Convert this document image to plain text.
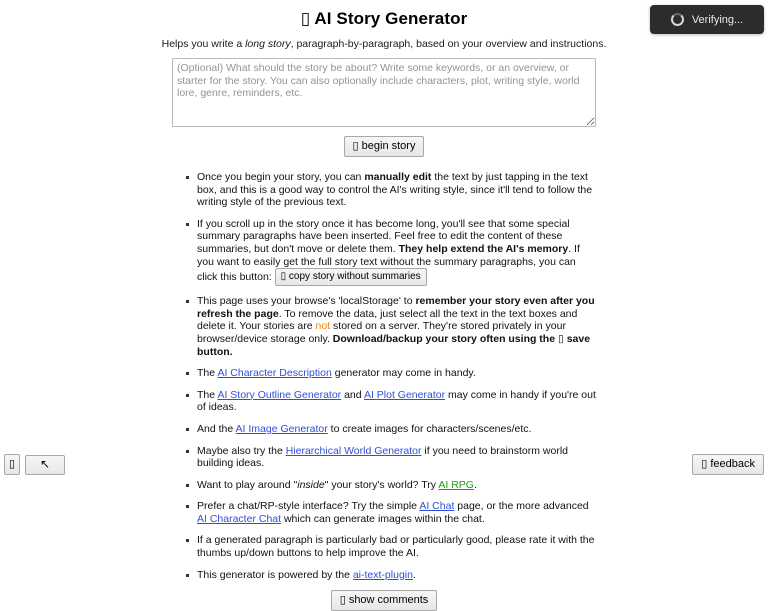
Verifying...
▯ AI Story Generator

Helps you write a long story, paragraph-by-paragraph, based on your overview and instructions.

(Optional) What should the story be about? Write some keywords, or an overview, or starter for the story. You can also optionally include characters, plot, writing style, world lore, genre, reminders, etc.
▯ begin story
Once you begin your story, you can manually edit the text by just tapping in the text box, and this is a good way to control the AI's writing style, since it'll tend to follow the writing style of the previous text.
If you scroll up in the story once it has become long, you'll see that some special summary paragraphs have been inserted. Feel free to edit the content of these summaries, but don't move or delete them. They help extend the AI's memory. If you want to easily get the full story text without the summary paragraphs, you can click this button: ▯ copy story without summaries
This page uses your browse's 'localStorage' to remember your story even after you refresh the page. To remove the data, just select all the text in the text boxes and delete it. Your stories are not stored on a server. They're stored privately in your browser/device storage only. Download/backup your story often using the ▯ save button.
The AI Character Description generator may come in handy.
The AI Story Outline Generator and AI Plot Generator may come in handy if you're out of ideas.
And the AI Image Generator to create images for characters/scenes/etc.
Maybe also try the Hierarchical World Generator if you need to brainstorm world building ideas.
Want to play around "inside" your story's world? Try AI RPG.
Prefer a chat/RP-style interface? Try the simple AI Chat page, or the more advanced AI Character Chat which can generate images within the chat.
If a generated paragraph is particularly bad or particularly good, please rate it with the thumbs up/down buttons to help improve the AI.
This generator is powered by the ai-text-plugin.
▯ show comments
▯	↖	▯ feedback
